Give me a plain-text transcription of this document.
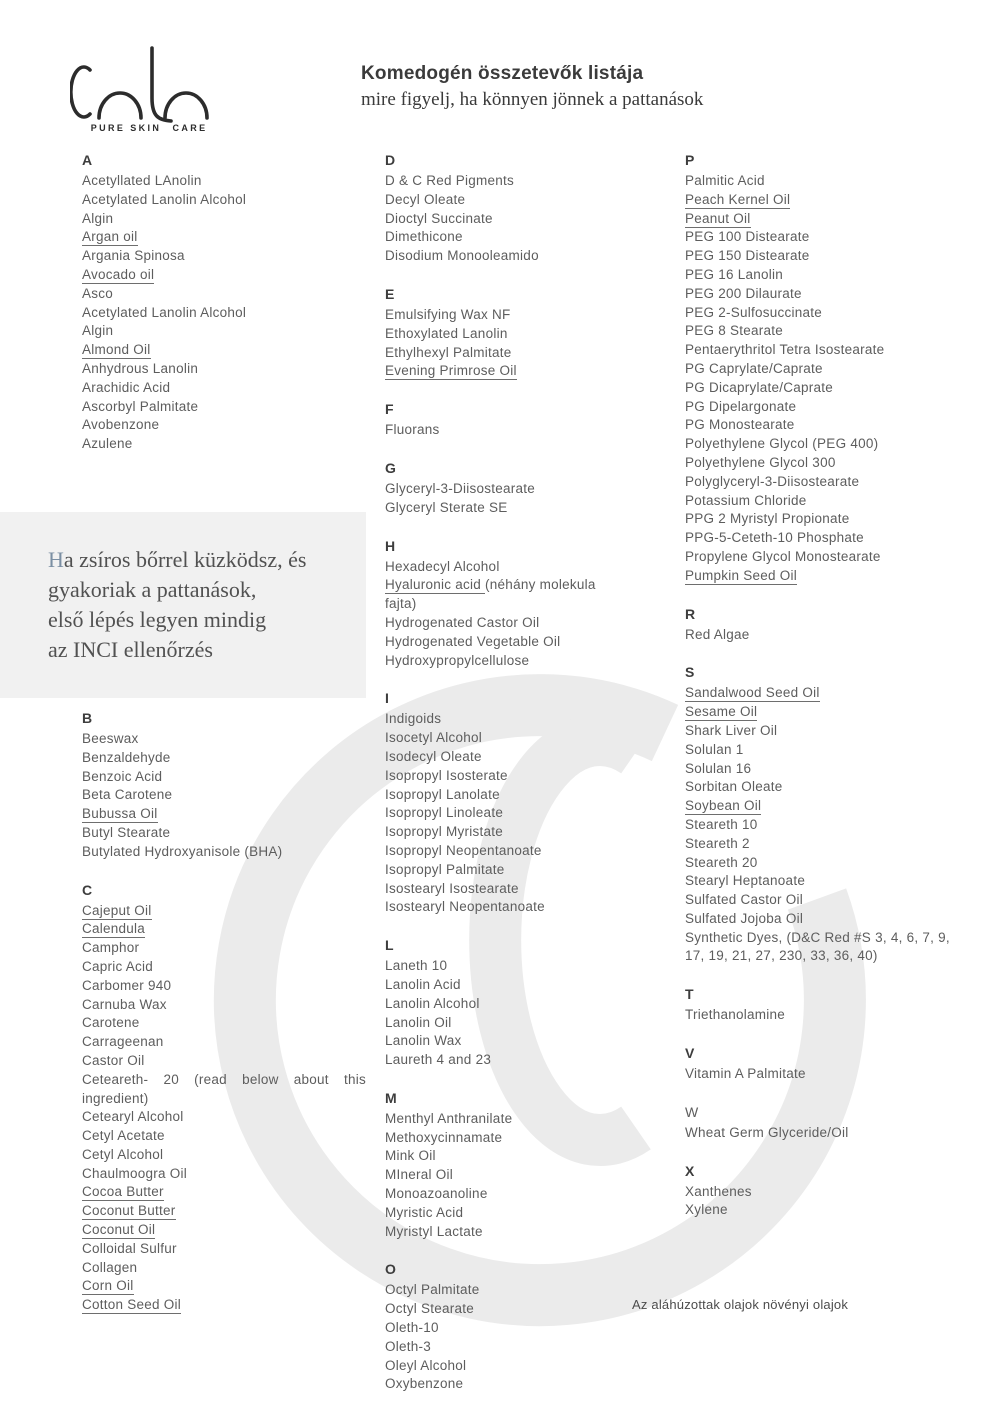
PURE SKIN CARE
Komedogén összetevők listája
mire figyelj, ha könnyen jönnek a pattanások
A
Acetyllated LAnolin
Acetylated Lanolin Alcohol
Algin
Argan oil
Argania Spinosa
Avocado oil
Asco
Acetylated Lanolin Alcohol
Algin
Almond Oil
Anhydrous Lanolin
Arachidic Acid
Ascorbyl Palmitate
Avobenzone
Azulene
Ha zsíros bőrrel küzködsz, és
gyakoriak a pattanások,
első lépés legyen mindig
az INCI ellenőrzés
B
Beeswax
Benzaldehyde
Benzoic Acid
Beta Carotene
Bubussa Oil
Butyl Stearate
Butylated Hydroxyanisole (BHA)
C
Cajeput Oil
Calendula
Camphor
Capric Acid
Carbomer 940
Carnuba Wax
Carotene
Carrageenan
Castor Oil
Ceteareth- 20 (read below about this ingredient)
Cetearyl Alcohol
Cetyl Acetate
Cetyl Alcohol
Chaulmoogra Oil
Cocoa Butter
Coconut Butter
Coconut Oil
Colloidal Sulfur
Collagen
Corn Oil
Cotton Seed Oil
D
D & C Red Pigments
Decyl Oleate
Dioctyl Succinate
Dimethicone
Disodium Monooleamido
E
Emulsifying Wax NF
Ethoxylated Lanolin
Ethylhexyl Palmitate
Evening Primrose Oil
F
Fluorans
G
Glyceryl-3-Diisostearate
Glyceryl Sterate SE
H
Hexadecyl Alcohol
Hyaluronic acid (néhány molekula fajta)
Hydrogenated Castor Oil
Hydrogenated Vegetable Oil
Hydroxypropylcellulose
I
Indigoids
Isocetyl Alcohol
Isodecyl Oleate
Isopropyl Isosterate
Isopropyl Lanolate
Isopropyl Linoleate
Isopropyl Myristate
Isopropyl Neopentanoate
Isopropyl Palmitate
Isostearyl Isostearate
Isostearyl Neopentanoate
L
Laneth 10
Lanolin Acid
Lanolin Alcohol
Lanolin Oil
Lanolin Wax
Laureth 4 and 23
M
Menthyl Anthranilate
Methoxycinnamate
Mink Oil
MIneral Oil
Monoazoanoline
Myristic Acid
Myristyl Lactate
O
Octyl Palmitate
Octyl Stearate
Oleth-10
Oleth-3
Oleyl Alcohol
Oxybenzone
P
Palmitic Acid
Peach Kernel Oil
Peanut Oil
PEG 100 Distearate
PEG 150 Distearate
PEG 16 Lanolin
PEG 200 Dilaurate
PEG 2-Sulfosuccinate
PEG 8 Stearate
Pentaerythritol Tetra Isostearate
PG Caprylate/Caprate
PG Dicaprylate/Caprate
PG Dipelargonate
PG Monostearate
Polyethylene Glycol (PEG 400)
Polyethylene Glycol 300
Polyglyceryl-3-Diisostearate
Potassium Chloride
PPG 2 Myristyl Propionate
PPG-5-Ceteth-10 Phosphate
Propylene Glycol Monostearate
Pumpkin Seed Oil
R
Red Algae
S
Sandalwood Seed Oil
Sesame Oil
Shark Liver Oil
Solulan 1
Solulan 16
Sorbitan Oleate
Soybean Oil
Steareth 10
Steareth 2
Steareth 20
Stearyl Heptanoate
Sulfated Castor Oil
Sulfated Jojoba Oil
Synthetic Dyes, (D&C Red #S 3, 4, 6, 7, 9, 17, 19, 21, 27, 230, 33, 36, 40)
T
Triethanolamine
V
Vitamin A Palmitate
W
Wheat Germ Glyceride/Oil
X
Xanthenes
Xylene
Az aláhúzottak olajok növényi olajok
